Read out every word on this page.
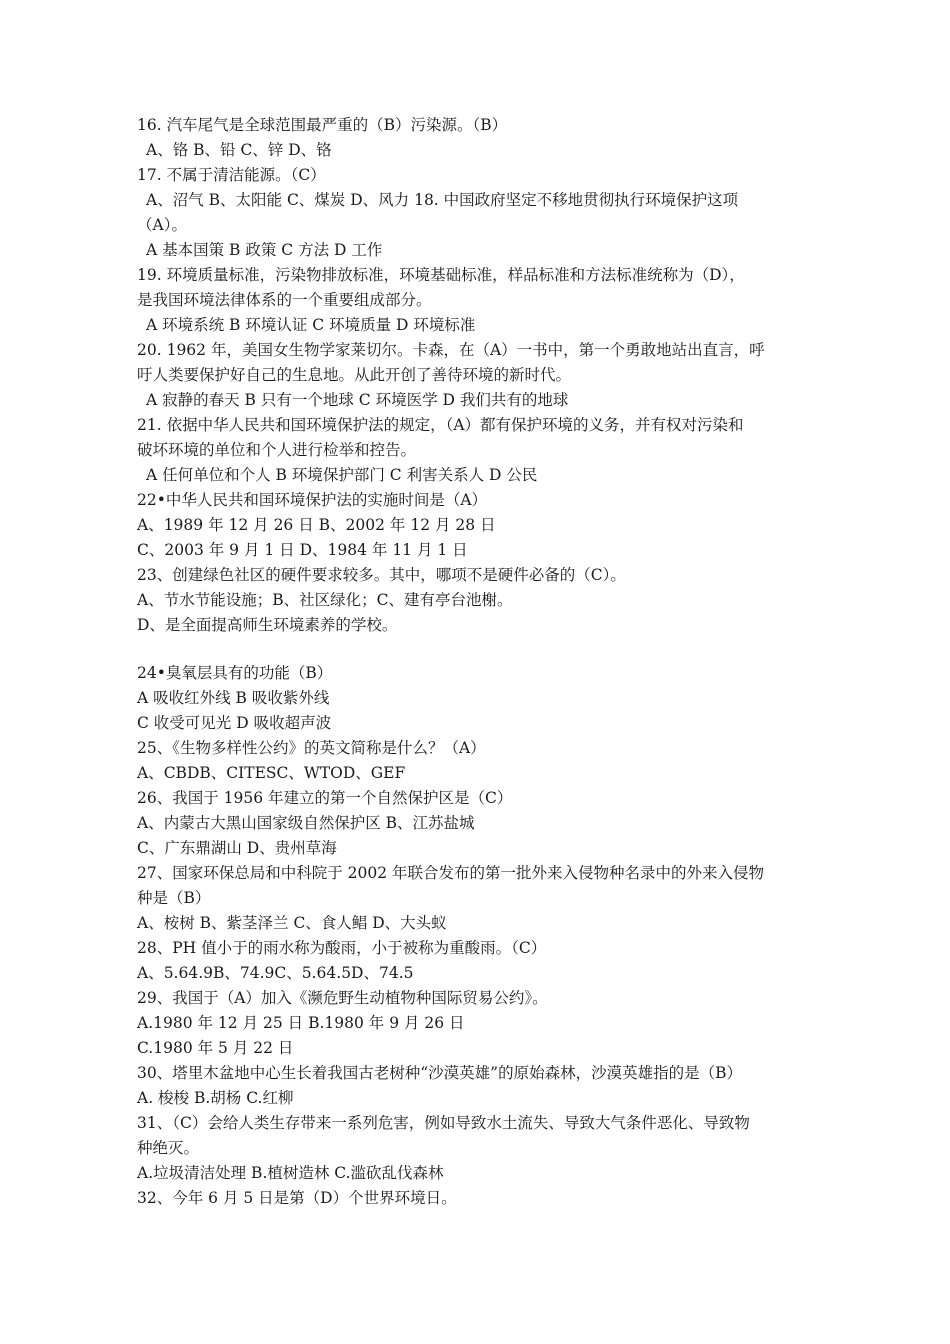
16. 汽车尾气是全球范围最严重的（B）污染源。（B）
A、铬 B、铅 C、锌 D、铬
17. 不属于清洁能源。（C）
A、沼气 B、太阳能 C、煤炭 D、风力 18. 中国政府坚定不移地贯彻执行环境保护这项
（A）。
A 基本国策 B 政策 C 方法 D 工作
19. 环境质量标准，污染物排放标准，环境基础标准，样品标准和方法标准统称为（D），
是我国环境法律体系的一个重要组成部分。
A 环境系统 B 环境认证 C 环境质量 D 环境标准
20. 1962 年，美国女生物学家莱切尔。卡森，在（A）一书中，第一个勇敢地站出直言，呼
吁人类要保护好自己的生息地。从此开创了善待环境的新时代。
A 寂静的春天 B 只有一个地球 C 环境医学 D 我们共有的地球
21. 依据中华人民共和国环境保护法的规定，（A）都有保护环境的义务，并有权对污染和
破坏环境的单位和个人进行检举和控告。
A 任何单位和个人 B 环境保护部门 C 利害关系人 D 公民
22•中华人民共和国环境保护法的实施时间是（A）
A、1989 年 12 月 26 日 B、2002 年 12 月 28 日
C、2003 年 9 月 1 日 D、1984 年 11 月 1 日
23、创建绿色社区的硬件要求较多。其中，哪项不是硬件必备的（C）。
A、节水节能设施；B、社区绿化；C、建有亭台池榭。
D、是全面提高师生环境素养的学校。
24•臭氧层具有的功能（B）
A 吸收红外线 B 吸收紫外线
C 收受可见光 D 吸收超声波
25、《生物多样性公约》的英文简称是什么？（A）
A、CBDB、CITESC、WTOD、GEF
26、我国于 1956 年建立的第一个自然保护区是（C）
A、内蒙古大黑山国家级自然保护区 B、江苏盐城
C、广东鼎湖山 D、贵州草海
27、国家环保总局和中科院于 2002 年联合发布的第一批外来入侵物种名录中的外来入侵物
种是（B）
A、桉树 B、紫茎泽兰 C、食人鲳 D、大头蚁
28、PH 值小于的雨水称为酸雨，小于被称为重酸雨。（C）
A、5.64.9B、74.9C、5.64.5D、74.5
29、我国于（A）加入《濒危野生动植物种国际贸易公约》。
A.1980 年 12 月 25 日 B.1980 年 9 月 26 日
C.1980 年 5 月 22 日
30、塔里木盆地中心生长着我国古老树种“沙漠英雄”的原始森林，沙漠英雄指的是（B）
A. 梭梭 B.胡杨 C.红柳
31、（C）会给人类生存带来一系列危害，例如导致水土流失、导致大气条件恶化、导致物
种绝灭。
A.垃圾清洁处理 B.植树造林 C.滥砍乱伐森林
32、今年 6 月 5 日是第（D）个世界环境日。
